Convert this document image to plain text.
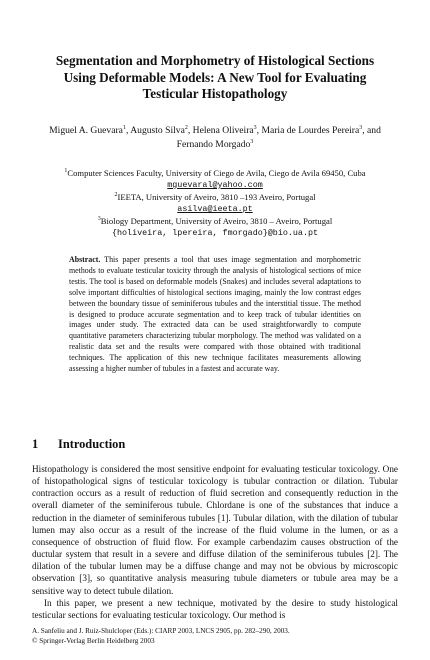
Segmentation and Morphometry of Histological Sections
Using Deformable Models: A New Tool for Evaluating
Testicular Histopathology
Miguel A. Guevara$^1$, Augusto Silva$^2$, Helena Oliveira$^3$, Maria de Lourdes Pereira$^3$, and
Fernando Morgado$^3$
$^1$Computer Sciences Faculty, University of Ciego de Avila, Ciego de Avila 69450, Cuba
mguevaral@yahoo.com
$^2$IEETA, University of Aveiro, 3810 –193 Aveiro, Portugal
asilva@ieeta.pt
$^3$Biology Department, University of Aveiro, 3810 – Aveiro, Portugal
{holiveira, lpereira, fmorgado}@bio.ua.pt

Abstract. This paper presents a tool that uses image segmentation and morphometric methods to evaluate testicular toxicity through the analysis of histological sections of mice testis. The tool is based on deformable models (Snakes) and includes several adaptations to solve important difficulties of histological sections imaging, mainly the low contrast edges between the boundary tissue of seminiferous tubules and the interstitial tissue. The method is designed to produce accurate segmentation and to keep track of tubular identities on images under study. The extracted data can be used straightforwardly to compute quantitative parameters characterizing tubular morphology. The method was validated on a realistic data set and the results were compared with those obtained with traditional techniques. The application of this new technique facilitates measurements allowing assessing a higher number of tubules in a fastest and accurate way.

1 Introduction

Histopathology is considered the most sensitive endpoint for evaluating testicular toxicology. One of histopathological signs of testicular toxicology is tubular contraction or dilation. Tubular contraction occurs as a result of reduction of fluid secretion and consequently reduction in the overall diameter of the seminiferous tubule. Chlordane is one of the substances that induce a reduction in the diameter of seminiferous tubules [1]. Tubular dilation, with the dilation of tubular lumen may also occur as a result of the increase of the fluid volume in the lumen, or as a consequence of obstruction of fluid flow. For example carbendazim causes obstruction of the ductular system that result in a severe and diffuse dilation of the seminiferous tubules [2]. The dilation of the tubular lumen may be a diffuse change and may not be obvious by microscopic observation [3], so quantitative analysis measuring tubule diameters or tubule area may be a sensitive way to detect tubule dilation.

In this paper, we present a new technique, motivated by the desire to study histological testicular sections for evaluating testicular toxicology. Our method is

A. Sanfeliu and J. Ruiz-Shulcloper (Eds.): CIARP 2003, LNCS 2905, pp. 282–290, 2003.
© Springer-Verlag Berlin Heidelberg 2003
